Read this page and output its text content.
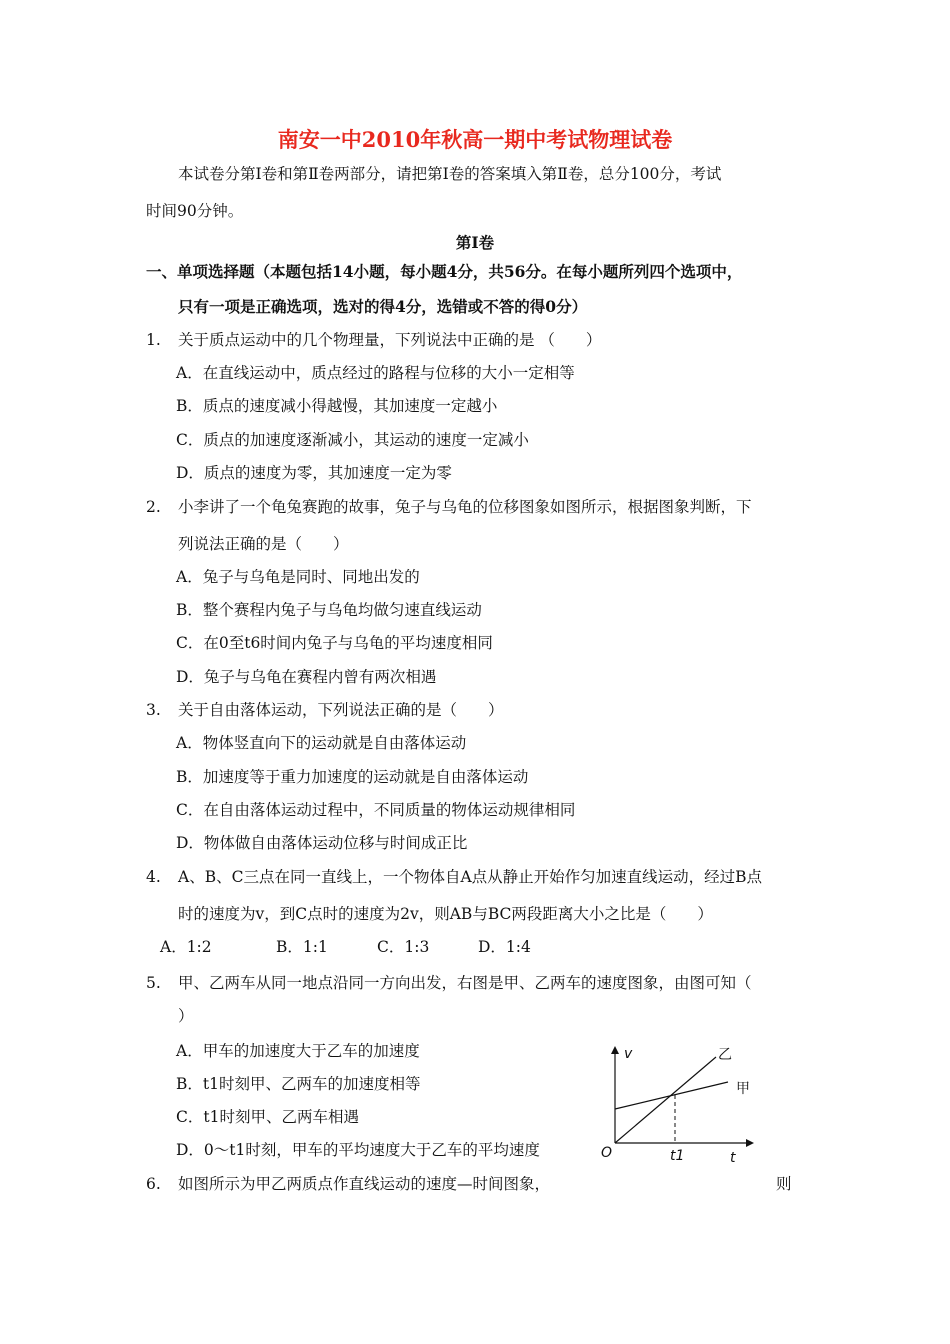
南安一中2010年秋高一期中考试物理试卷
本试卷分第Ⅰ卷和第Ⅱ卷两部分，请把第Ⅰ卷的答案填入第Ⅱ卷，总分100分，考试
时间90分钟。
第Ⅰ卷
一、单项选择题（本题包括14小题，每小题4分，共56分。在每小题所列四个选项中，
只有一项是正确选项，选对的得4分，选错或不答的得0分）
1. 关于质点运动中的几个物理量，下列说法中正确的是 （　　）
A．在直线运动中，质点经过的路程与位移的大小一定相等
B．质点的速度减小得越慢，其加速度一定越小
C．质点的加速度逐渐减小，其运动的速度一定减小
D．质点的速度为零，其加速度一定为零
2. 小李讲了一个龟兔赛跑的故事，兔子与乌龟的位移图象如图所示，根据图象判断，下
列说法正确的是（　　）
A．兔子与乌龟是同时、同地出发的
B．整个赛程内兔子与乌龟均做匀速直线运动
C．在0至t6时间内兔子与乌龟的平均速度相同
D．兔子与乌龟在赛程内曾有两次相遇
3. 关于自由落体运动，下列说法正确的是（　　）
A．物体竖直向下的运动就是自由落体运动
B．加速度等于重力加速度的运动就是自由落体运动
C．在自由落体运动过程中，不同质量的物体运动规律相同
D．物体做自由落体运动位移与时间成正比
4. A、B、C三点在同一直线上，一个物体自A点从静止开始作匀加速直线运动，经过B点
时的速度为v，到C点时的速度为2v，则AB与BC两段距离大小之比是（　　）
A．1:2	B．1:1	C．1:3	D．1:4
5. 甲、乙两车从同一地点沿同一方向出发，右图是甲、乙两车的速度图象，由图可知（
）
A．甲车的加速度大于乙车的加速度
B．t1时刻甲、乙两车的加速度相等
C．t1时刻甲、乙两车相遇
D．0～t1时刻，甲车的平均速度大于乙车的平均速度
v
t
O	t1
乙
甲
6. 如图所示为甲乙两质点作直线运动的速度—时间图象，	则
